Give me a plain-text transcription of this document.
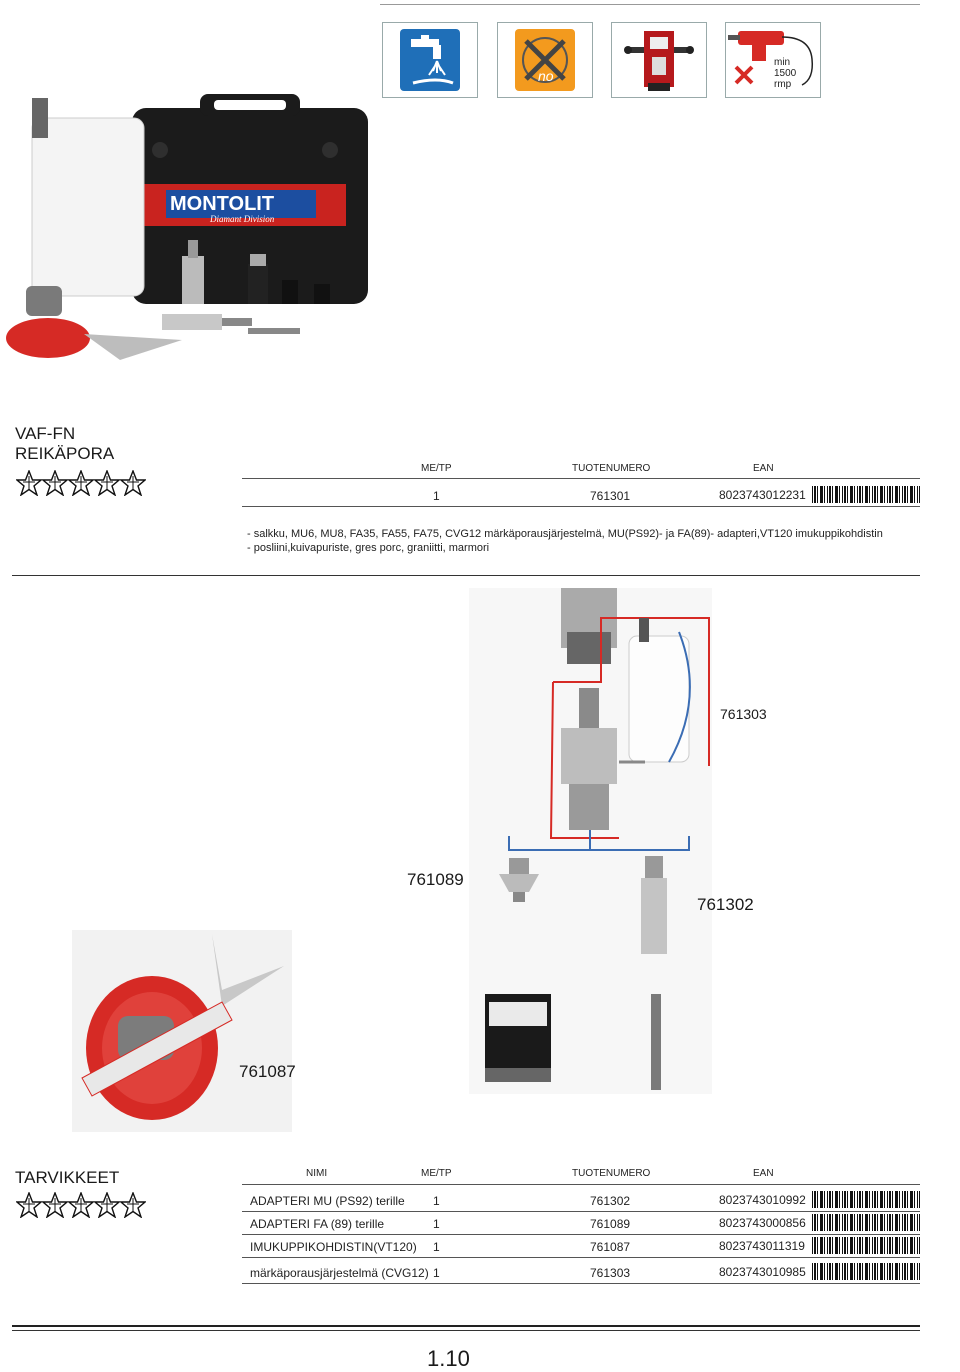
no
min
1500
rmp
MONTOLIT
Diamant Division
VAF-FN
REIKÄPORA
ME/TP	TUOTENUMERO	EAN
1	761301	8023743012231
- salkku, MU6, MU8, FA35, FA55, FA75, CVG12 märkäporausjärjestelmä, MU(PS92)- ja FA(89)- adapteri,VT120 imukuppikohdistin
- posliini,kuivapuriste, gres porc, graniitti, marmori
761303
761089
761302
761087
TARVIKKEET	NIMI	ME/TP	TUOTENUMERO	EAN
ADAPTERI MU (PS92) terille 1	761302	8023743010992
ADAPTERI FA (89) terille	1	761089	8023743000856
IMUKUPPIKOHDISTIN(VT120) 1	761087	8023743011319
märkäporausjärjestelmä (CVG12) 1	761303	8023743010985
1.10
